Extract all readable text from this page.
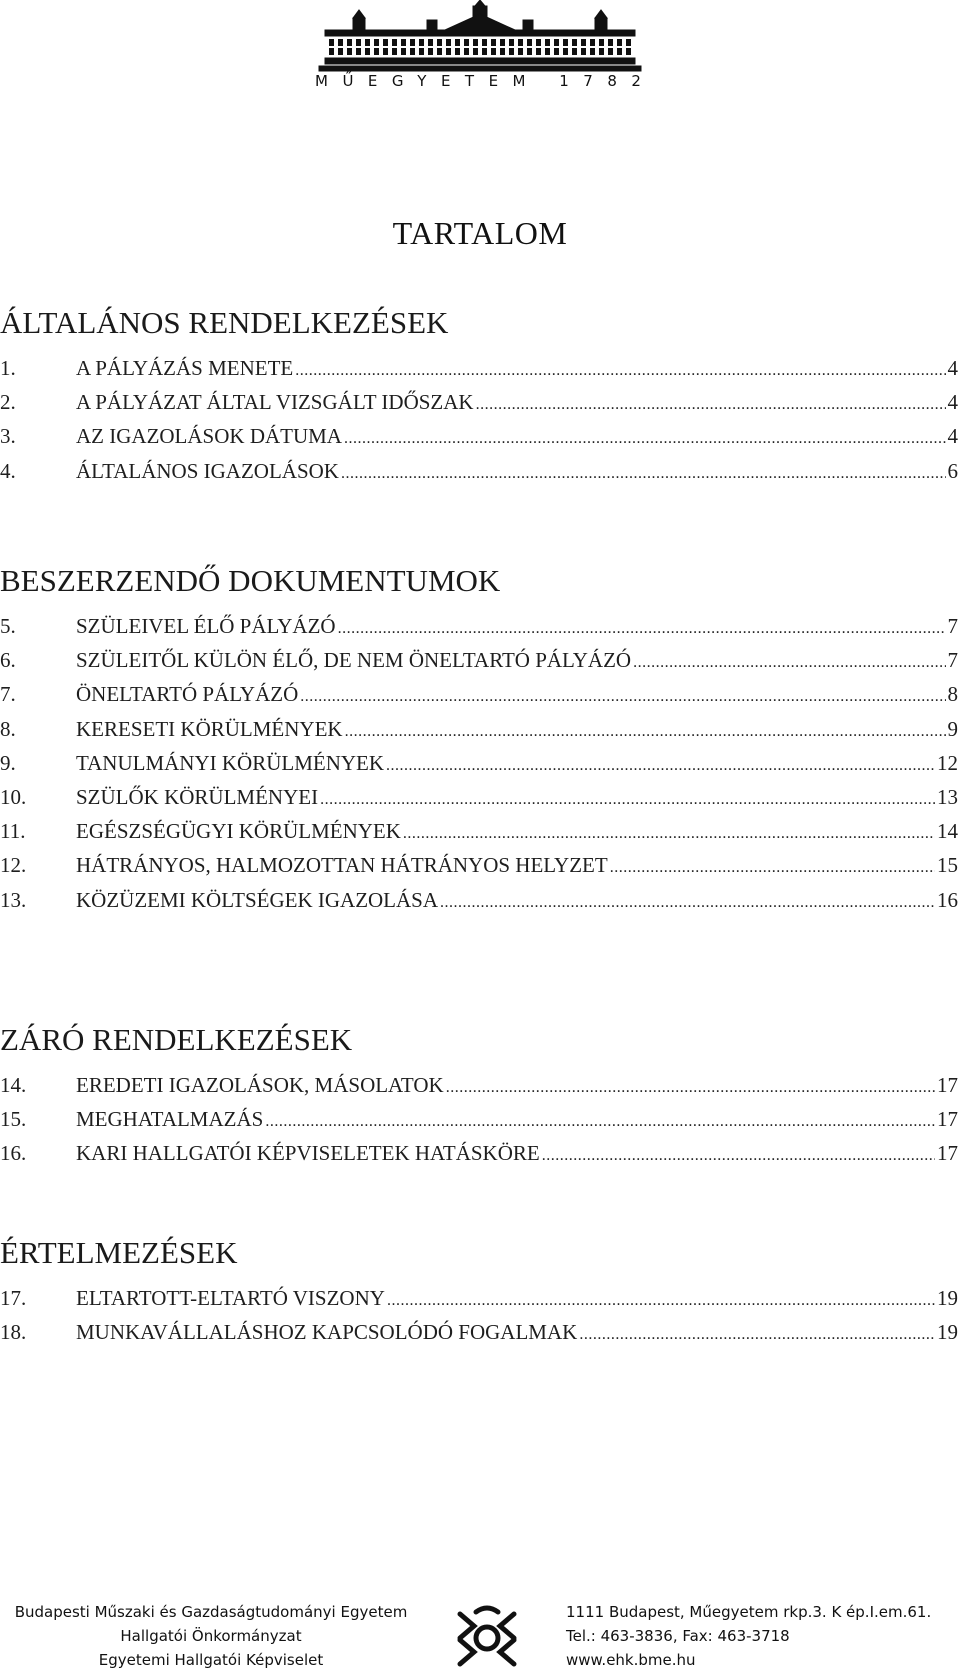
MŰEGYETEM 1782
TARTALOM
ÁLTALÁNOS RENDELKEZÉSEK
1.	A PÁLYÁZÁS MENETE .....	4
2.	A PÁLYÁZAT ÁLTAL VIZSGÁLT IDŐSZAK .....	4
3.	AZ IGAZOLÁSOK DÁTUMA .....	4
4.	ÁLTALÁNOS IGAZOLÁSOK .....	6
BESZERZENDŐ DOKUMENTUMOK
5.	SZÜLEIVEL ÉLŐ PÁLYÁZÓ .....	7
6.	SZÜLEITŐL KÜLÖN ÉLŐ, DE NEM ÖNELTARTÓ PÁLYÁZÓ .....	7
7.	ÖNELTARTÓ PÁLYÁZÓ .....	8
8.	KERESETI KÖRÜLMÉNYEK .....	9
9.	TANULMÁNYI KÖRÜLMÉNYEK .....	12
10.	SZÜLŐK KÖRÜLMÉNYEI .....	13
11.	EGÉSZSÉGÜGYI KÖRÜLMÉNYEK .....	14
12.	HÁTRÁNYOS, HALMOZOTTAN HÁTRÁNYOS HELYZET .....	15
13.	KÖZÜZEMI KÖLTSÉGEK IGAZOLÁSA .....	16
ZÁRÓ RENDELKEZÉSEK
14.	EREDETI IGAZOLÁSOK, MÁSOLATOK .....	17
15.	MEGHATALMAZÁS .....	17
16.	KARI HALLGATÓI KÉPVISELETEK HATÁSKÖRE .....	17
ÉRTELMEZÉSEK
17.	ELTARTOTT-ELTARTÓ VISZONY .....	19
18.	MUNKAVÁLLALÁSHOZ KAPCSOLÓDÓ FOGALMAK .....	19
Budapesti Műszaki és Gazdaságtudományi Egyetem
Hallgatói Önkormányzat
Egyetemi Hallgatói Képviselet
1111 Budapest, Műegyetem rkp.3. K ép.I.em.61.
Tel.: 463-3836, Fax: 463-3718
www.ehk.bme.hu
